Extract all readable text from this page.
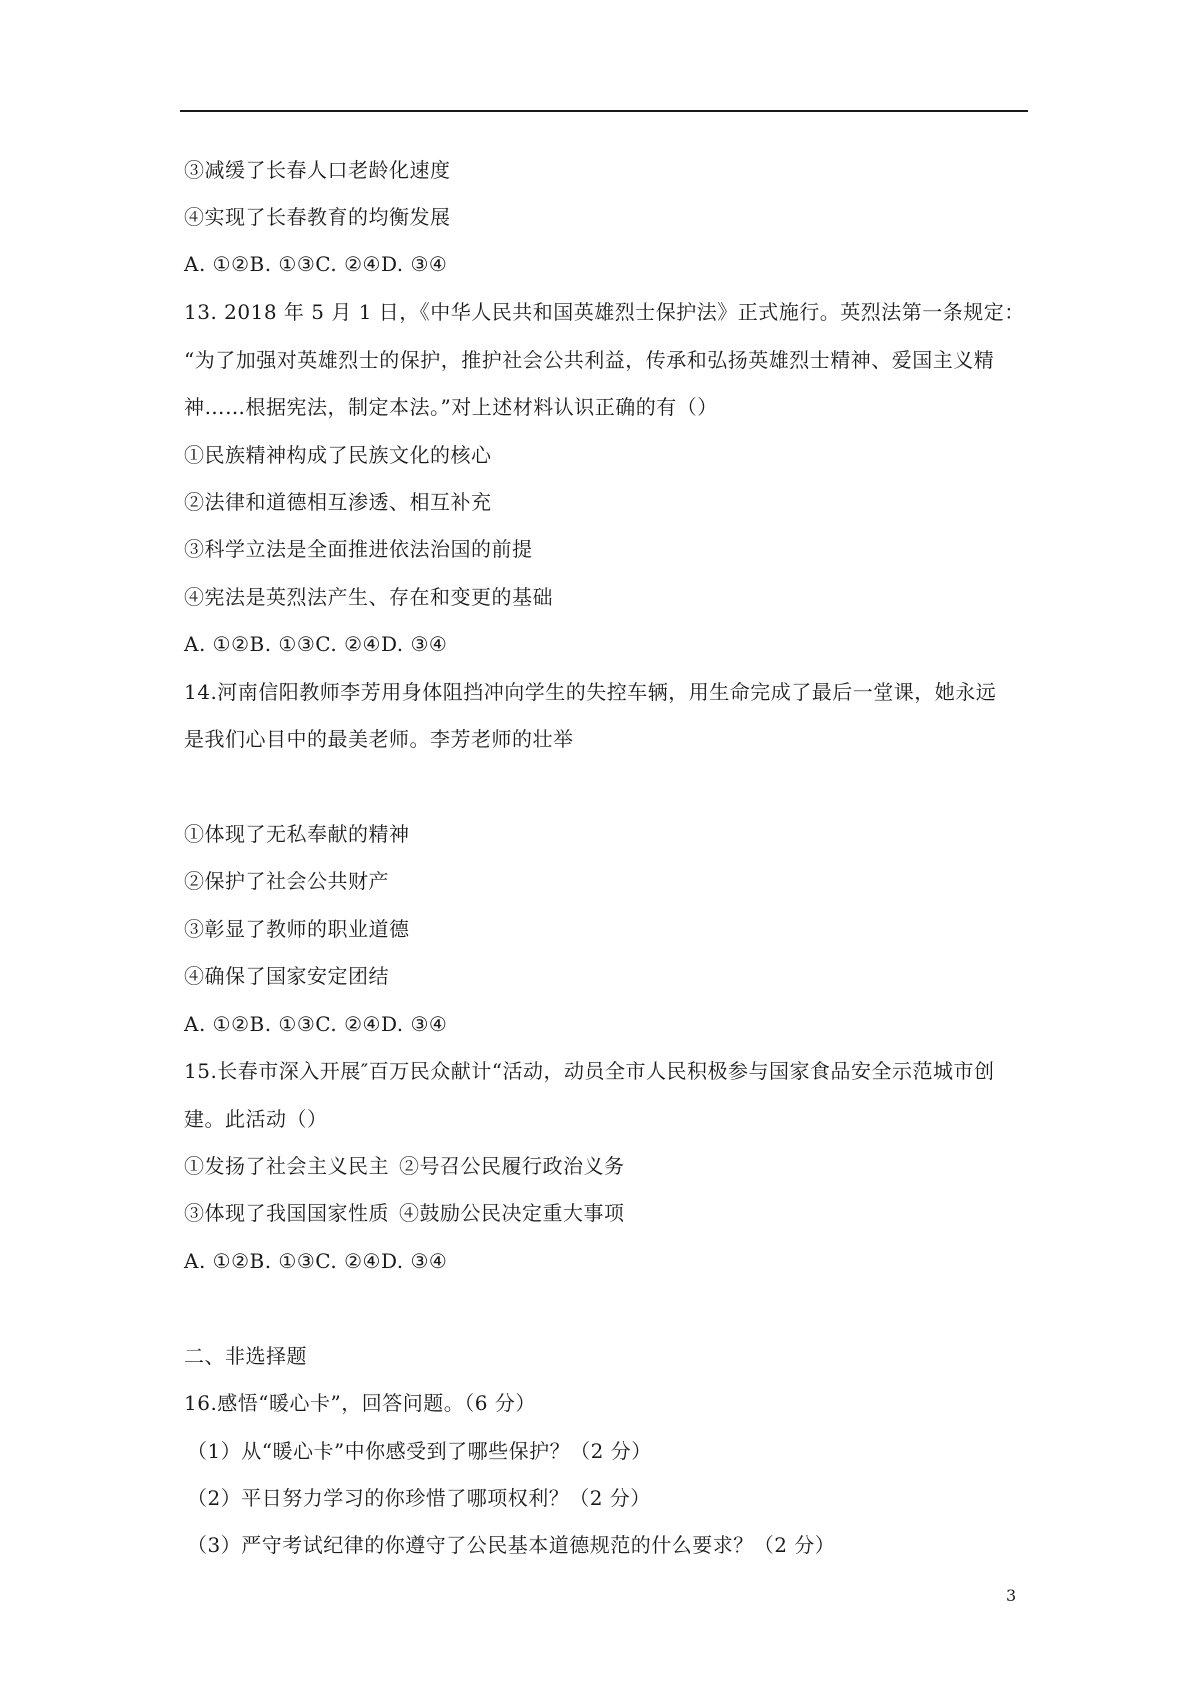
③减缓了长春人口老龄化速度
④实现了长春教育的均衡发展
A. ①②B. ①③C. ②④D. ③④
13. 2018 年 5 月 1 日，《中华人民共和国英雄烈士保护法》正式施行。英烈法第一条规定：
“为了加强对英雄烈士的保护，推护社会公共利益，传承和弘扬英雄烈士精神、爱国主义精
神……根据宪法，制定本法。”对上述材料认识正确的有（）
①民族精神构成了民族文化的核心
②法律和道德相互渗透、相互补充
③科学立法是全面推进依法治国的前提
④宪法是英烈法产生、存在和变更的基础
A. ①②B. ①③C. ②④D. ③④
14.河南信阳教师李芳用身体阻挡冲向学生的失控车辆，用生命完成了最后一堂课，她永远
是我们心目中的最美老师。李芳老师的壮举
①体现了无私奉献的精神
②保护了社会公共财产
③彰显了教师的职业道德
④确保了国家安定团结
A. ①②B. ①③C. ②④D. ③④
15.长春市深入开展″百万民众献计“活动，动员全市人民积极参与国家食品安全示范城市创
建。此活动（）
①发扬了社会主义民主 ②号召公民履行政治义务
③体现了我国国家性质 ④鼓励公民决定重大事项
A. ①②B. ①③C. ②④D. ③④
二、非选择题
16.感悟“暖心卡”，回答问题。（6 分）
（1）从“暖心卡”中你感受到了哪些保护？（2 分）
（2）平日努力学习的你珍惜了哪项权利？（2 分）
（3）严守考试纪律的你遵守了公民基本道德规范的什么要求？（2 分）
3
